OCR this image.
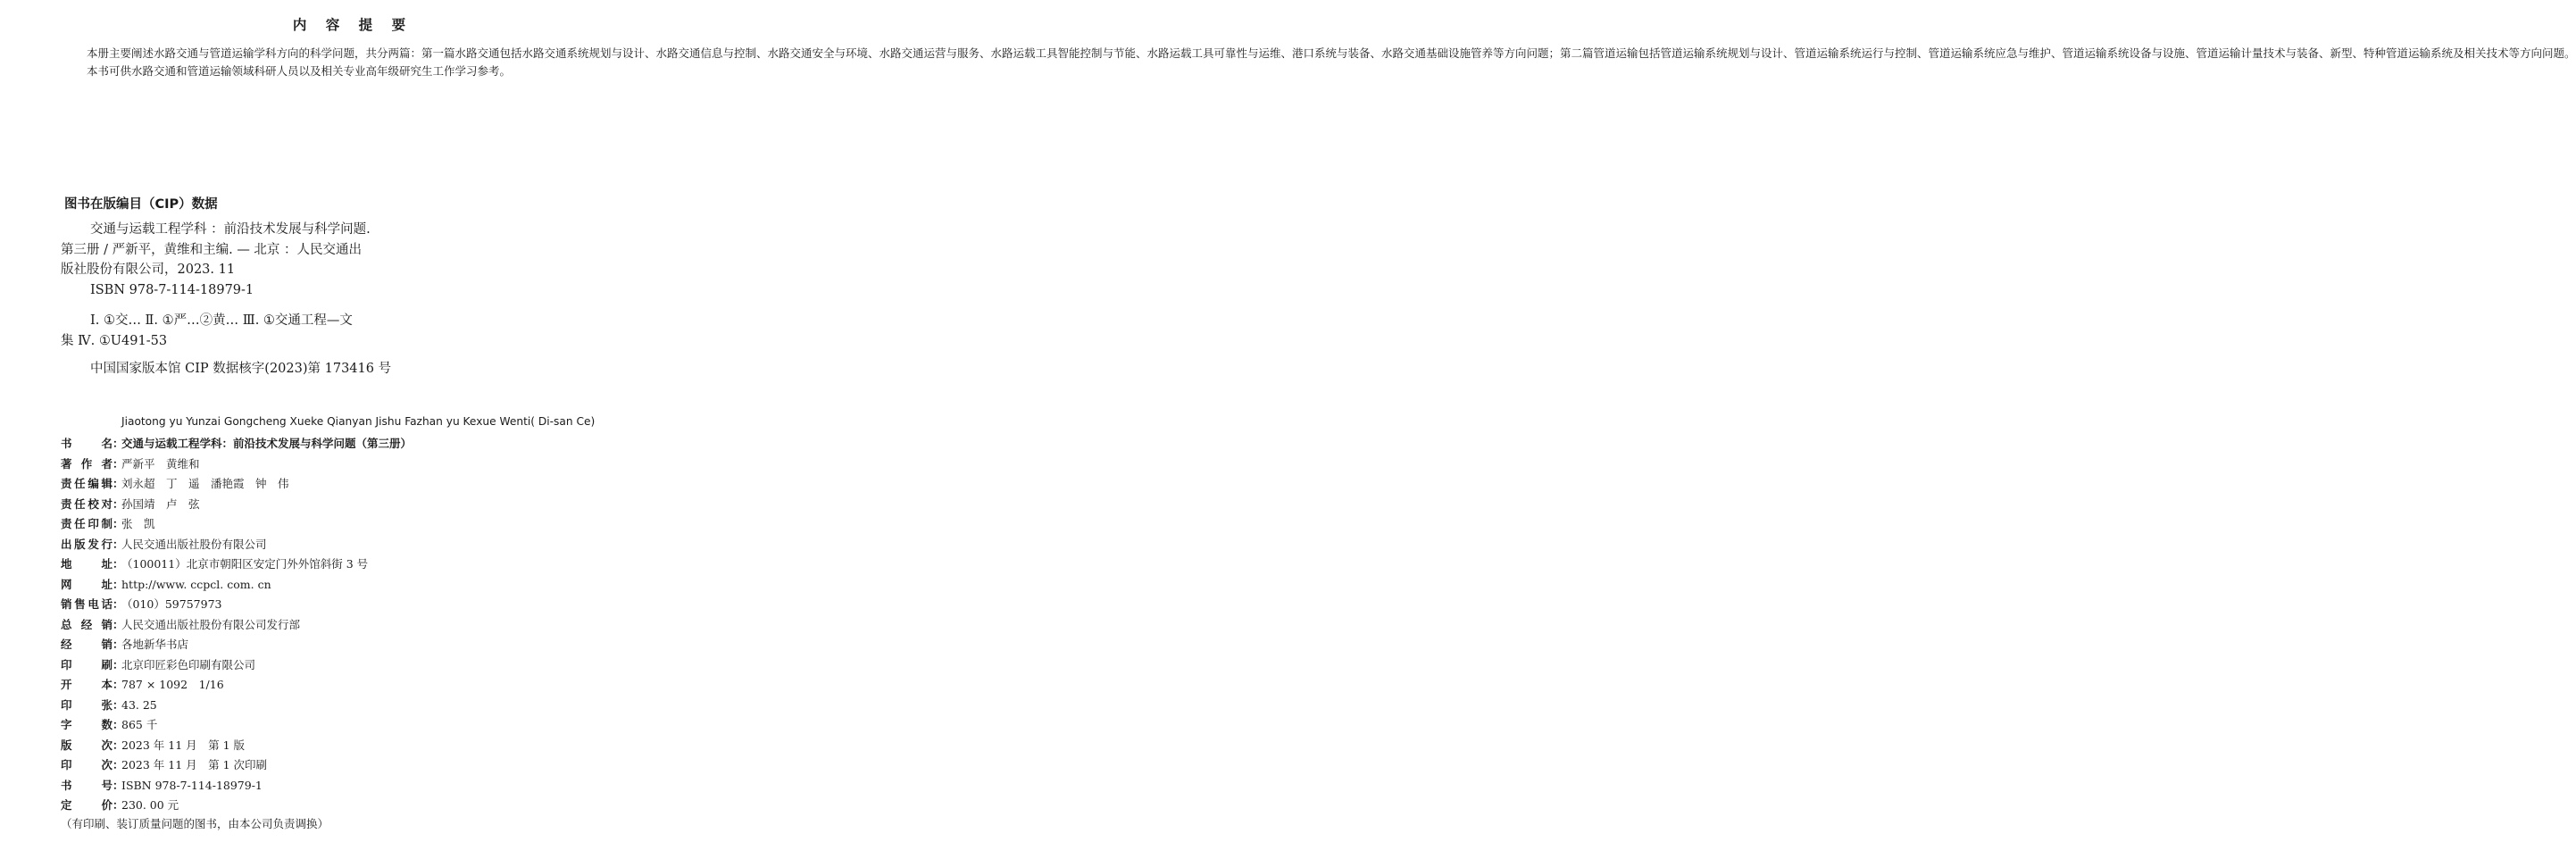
内 容 提 要

本册主要阐述水路交通与管道运输学科方向的科学问题，共分两篇：第一篇水路交通包括水路交通系统规划与设计、水路交通信息与控制、水路交通安全与环境、水路交通运营与服务、水路运载工具智能控制与节能、水路运载工具可靠性与运维、港口系统与装备、水路交通基础设施管养等方向问题；第二篇管道运输包括管道运输系统规划与设计、管道运输系统运行与控制、管道运输系统应急与维护、管道运输系统设备与设施、管道运输计量技术与装备、新型、特种管道运输系统及相关技术等方向问题。

本书可供水路交通和管道运输领域科研人员以及相关专业高年级研究生工作学习参考。

图书在版编目（CIP）数据
交通与运载工程学科 ：前沿技术发展与科学问题.
第三册 / 严新平，黄维和主编. — 北京 ：人民交通出
版社股份有限公司，2023. 11
ISBN 978-7-114-18979-1
Ⅰ. ①交… Ⅱ. ①严…②黄… Ⅲ. ①交通工程—文
集 Ⅳ. ①U491-53
中国国家版本馆 CIP 数据核字(2023)第 173416 号
Jiaotong yu Yunzai Gongcheng Xueke Qianyan Jishu Fazhan yu Kexue Wenti( Di-san Ce)
书	名 ：
交通与运载工程学科：前沿技术发展与科学问题（第三册）
著 作 者 ：
严新平　黄维和
责 任 编 辑 ：
刘永超　丁　遥　潘艳霞　钟　伟
责 任 校 对 ：
孙国靖　卢　弦
责 任 印 制 ：
张　凯
出 版 发 行 ：
人民交通出版社股份有限公司
地	址 ：
（100011）北京市朝阳区安定门外外馆斜街 3 号
网	址 ：
http://www. ccpcl. com. cn
销 售 电 话 ：
（010）59757973
总 经 销 ：
人民交通出版社股份有限公司发行部
经	销 ：
各地新华书店
印	刷 ：
北京印匠彩色印刷有限公司
开	本 ：
787 × 1092　1/16
印	张 ：
43. 25
字	数 ：
865 千
版	次 ：
2023 年 11 月　第 1 版
印	次 ：
2023 年 11 月　第 1 次印刷
书	号 ：
ISBN 978-7-114-18979-1
定	价 ：
230. 00 元
（有印刷、装订质量问题的图书，由本公司负责调换）
